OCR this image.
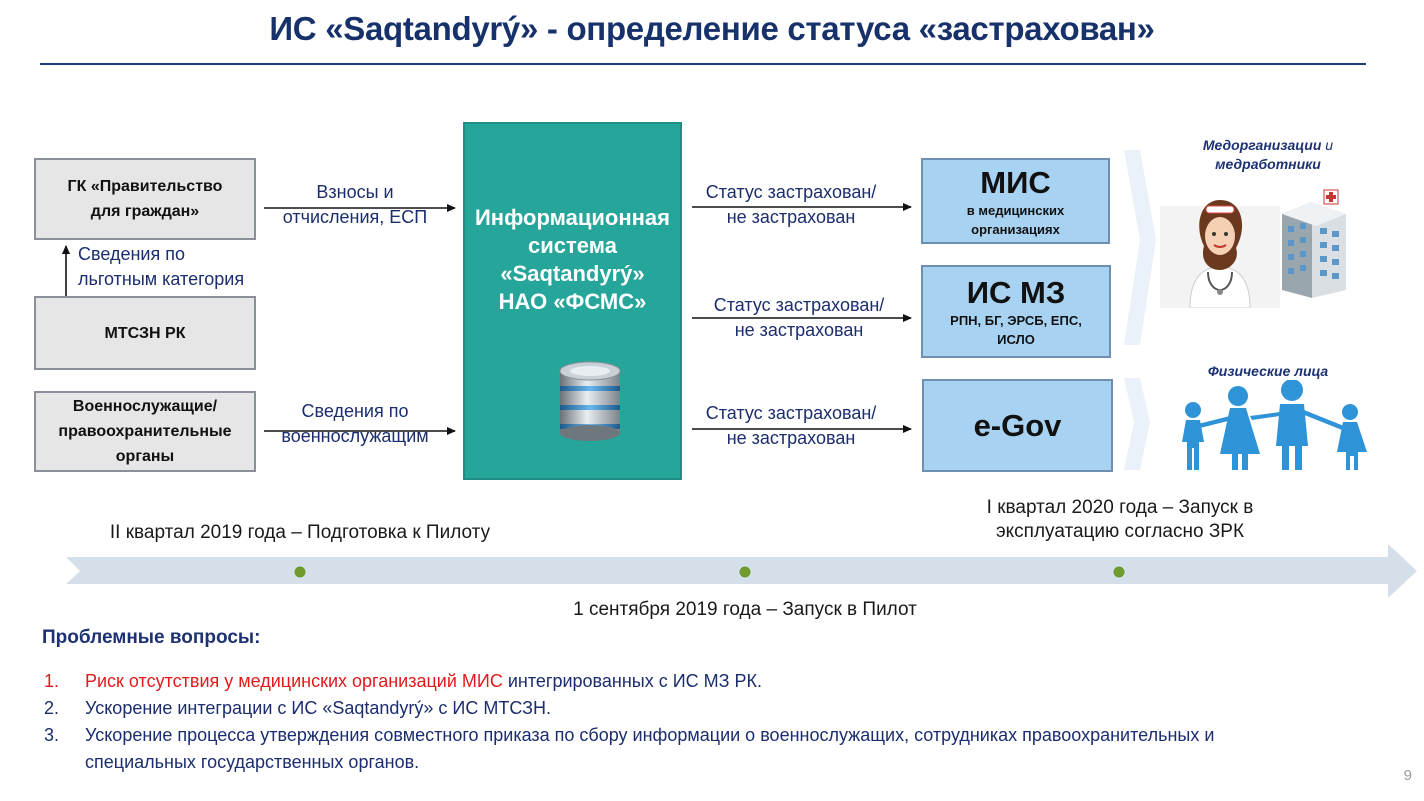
ИС «Saqtandyrý» - определение статуса «застрахован»
ГК «Правительство
для граждан»
МТСЗН РК
Военнослужащие/
правоохранительные
органы
Взносы и
отчисления, ЕСП
Сведения по
льготным категория
Сведения по
военнослужащим
Информационная
система
«Saqtandyrý»
НАО «ФСМС»
Статус застрахован/
не застрахован
Статус застрахован/
не застрахован
Статус застрахован/
не застрахован
МИС
в медицинских
организациях
ИС МЗ
РПН, БГ, ЭРСБ, ЕПС,
ИСЛО
e-Gov
Медорганизации и
медработники
Физические лица
II квартал 2019 года – Подготовка к Пилоту
1 сентября 2019 года – Запуск в Пилот
I квартал 2020 года – Запуск в
эксплуатацию согласно ЗРК
Проблемные вопросы:
1.	Риск отсутствия у медицинских организаций МИС интегрированных с ИС МЗ РК.
2.	Ускорение интеграции с ИС «Saqtandyrý» с ИС МТСЗН.
3.	Ускорение процесса утверждения совместного приказа по сбору информации о военнослужащих, сотрудниках правоохранительных и
специальных государственных органов.
9
